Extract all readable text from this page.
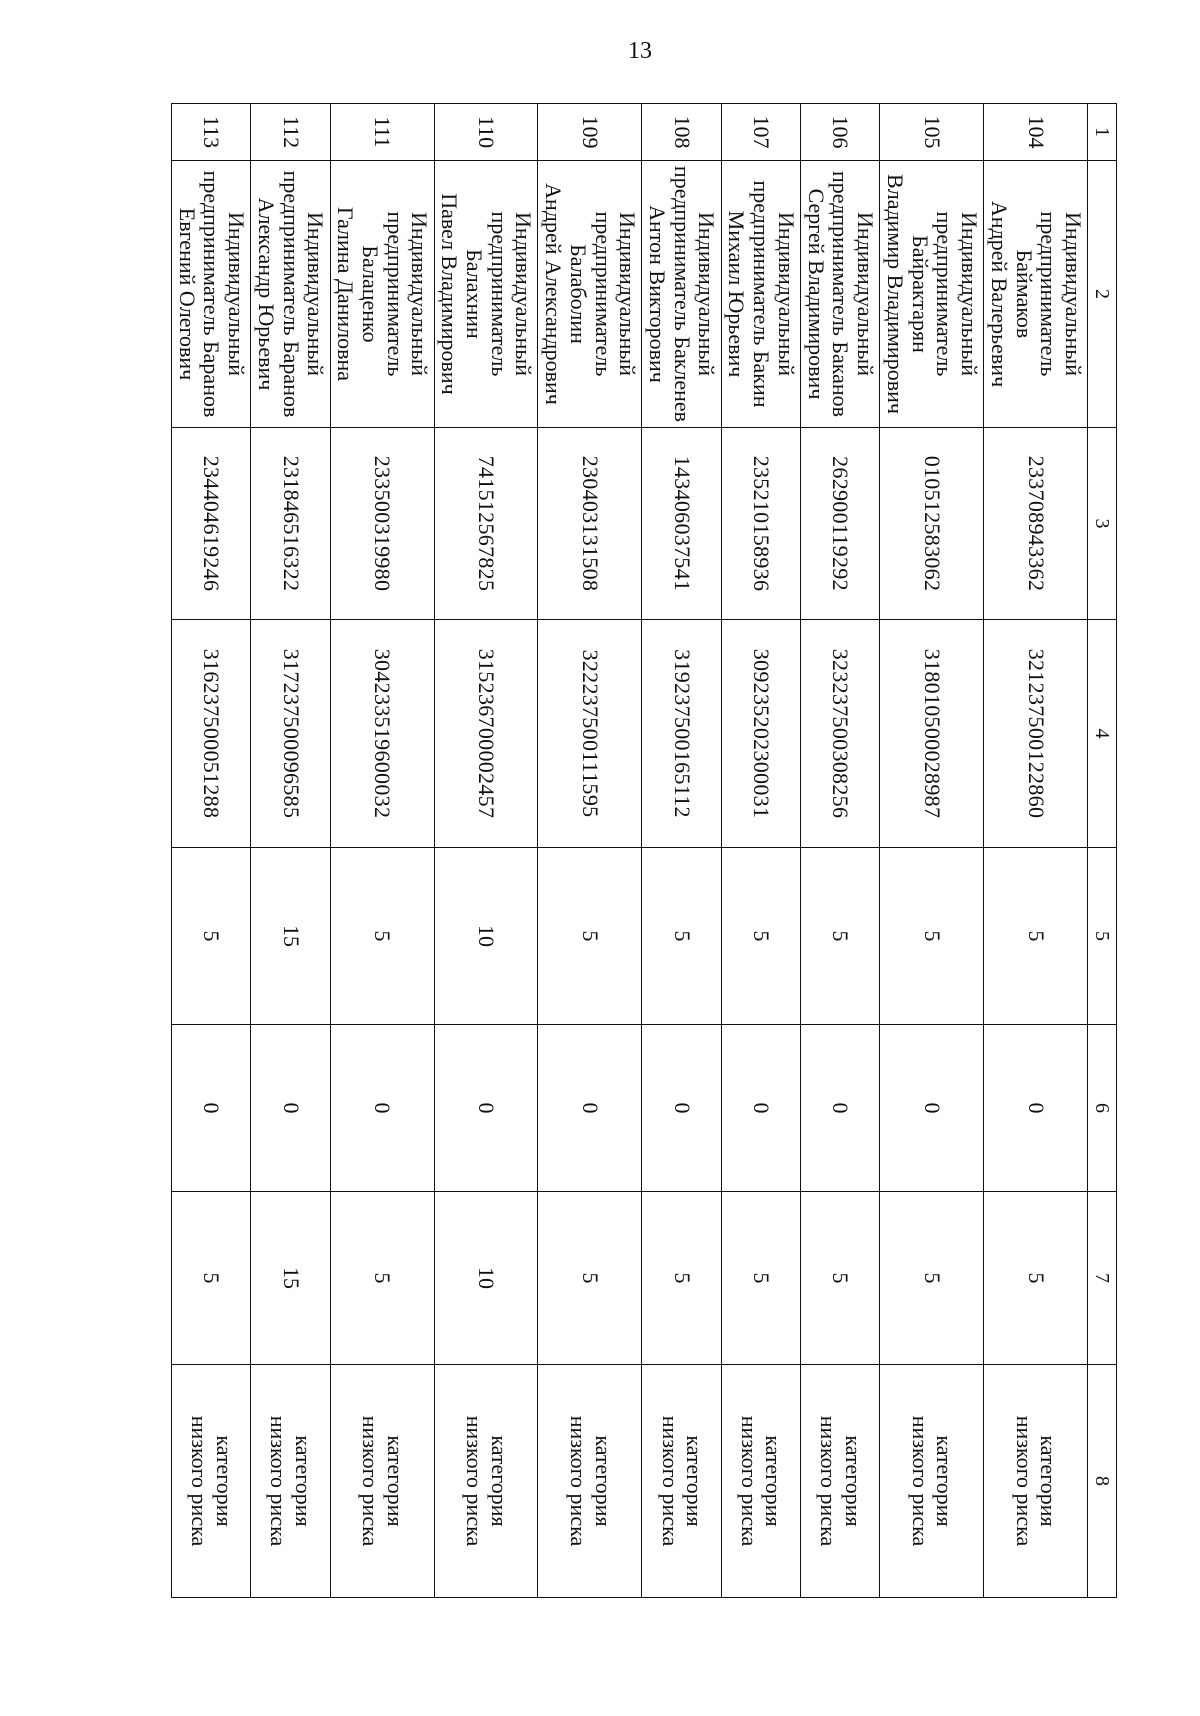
13
1	2	3	4	5	6	7	8
104	Индивидуальный
предприниматель Баймаков
Андрей Валерьевич	233708943362	321237500122860	5	0	5	категория
низкого риска
105	Индивидуальный
предприниматель Байрактарян
Владимир Владимирович	010512583062	318010500028987	5	0	5	категория
низкого риска
106	Индивидуальный
предприниматель Баканов
Сергей Владимирович	262900119292	323237500308256	5	0	5	категория
низкого риска
107	Индивидуальный
предприниматель Бакин
Михаил Юрьевич	235210158936	309235202300031	5	0	5	категория
низкого риска
108	Индивидуальный
предприниматель Бакленев
Антон Викторович	143406037541	319237500165112	5	0	5	категория
низкого риска
109	Индивидуальный
предприниматель Балаболин
Андрей Александрович	230403131508	322237500111595	5	0	5	категория
низкого риска
110	Индивидуальный
предприниматель Балахнин
Павел Владимирович	741512567825	315236700002457	10	0	10	категория
низкого риска
111	Индивидуальный
предприниматель Балаценко
Галина Даниловна	233500319980	304233519600032	5	0	5	категория
низкого риска
112	Индивидуальный
предприниматель Баранов
Александр Юрьевич	231846516322	317237500096585	15	0	15	категория
низкого риска
113	Индивидуальный
предприниматель Баранов
Евгений Олегович	234404619246	316237500051288	5	0	5	категория
низкого риска
